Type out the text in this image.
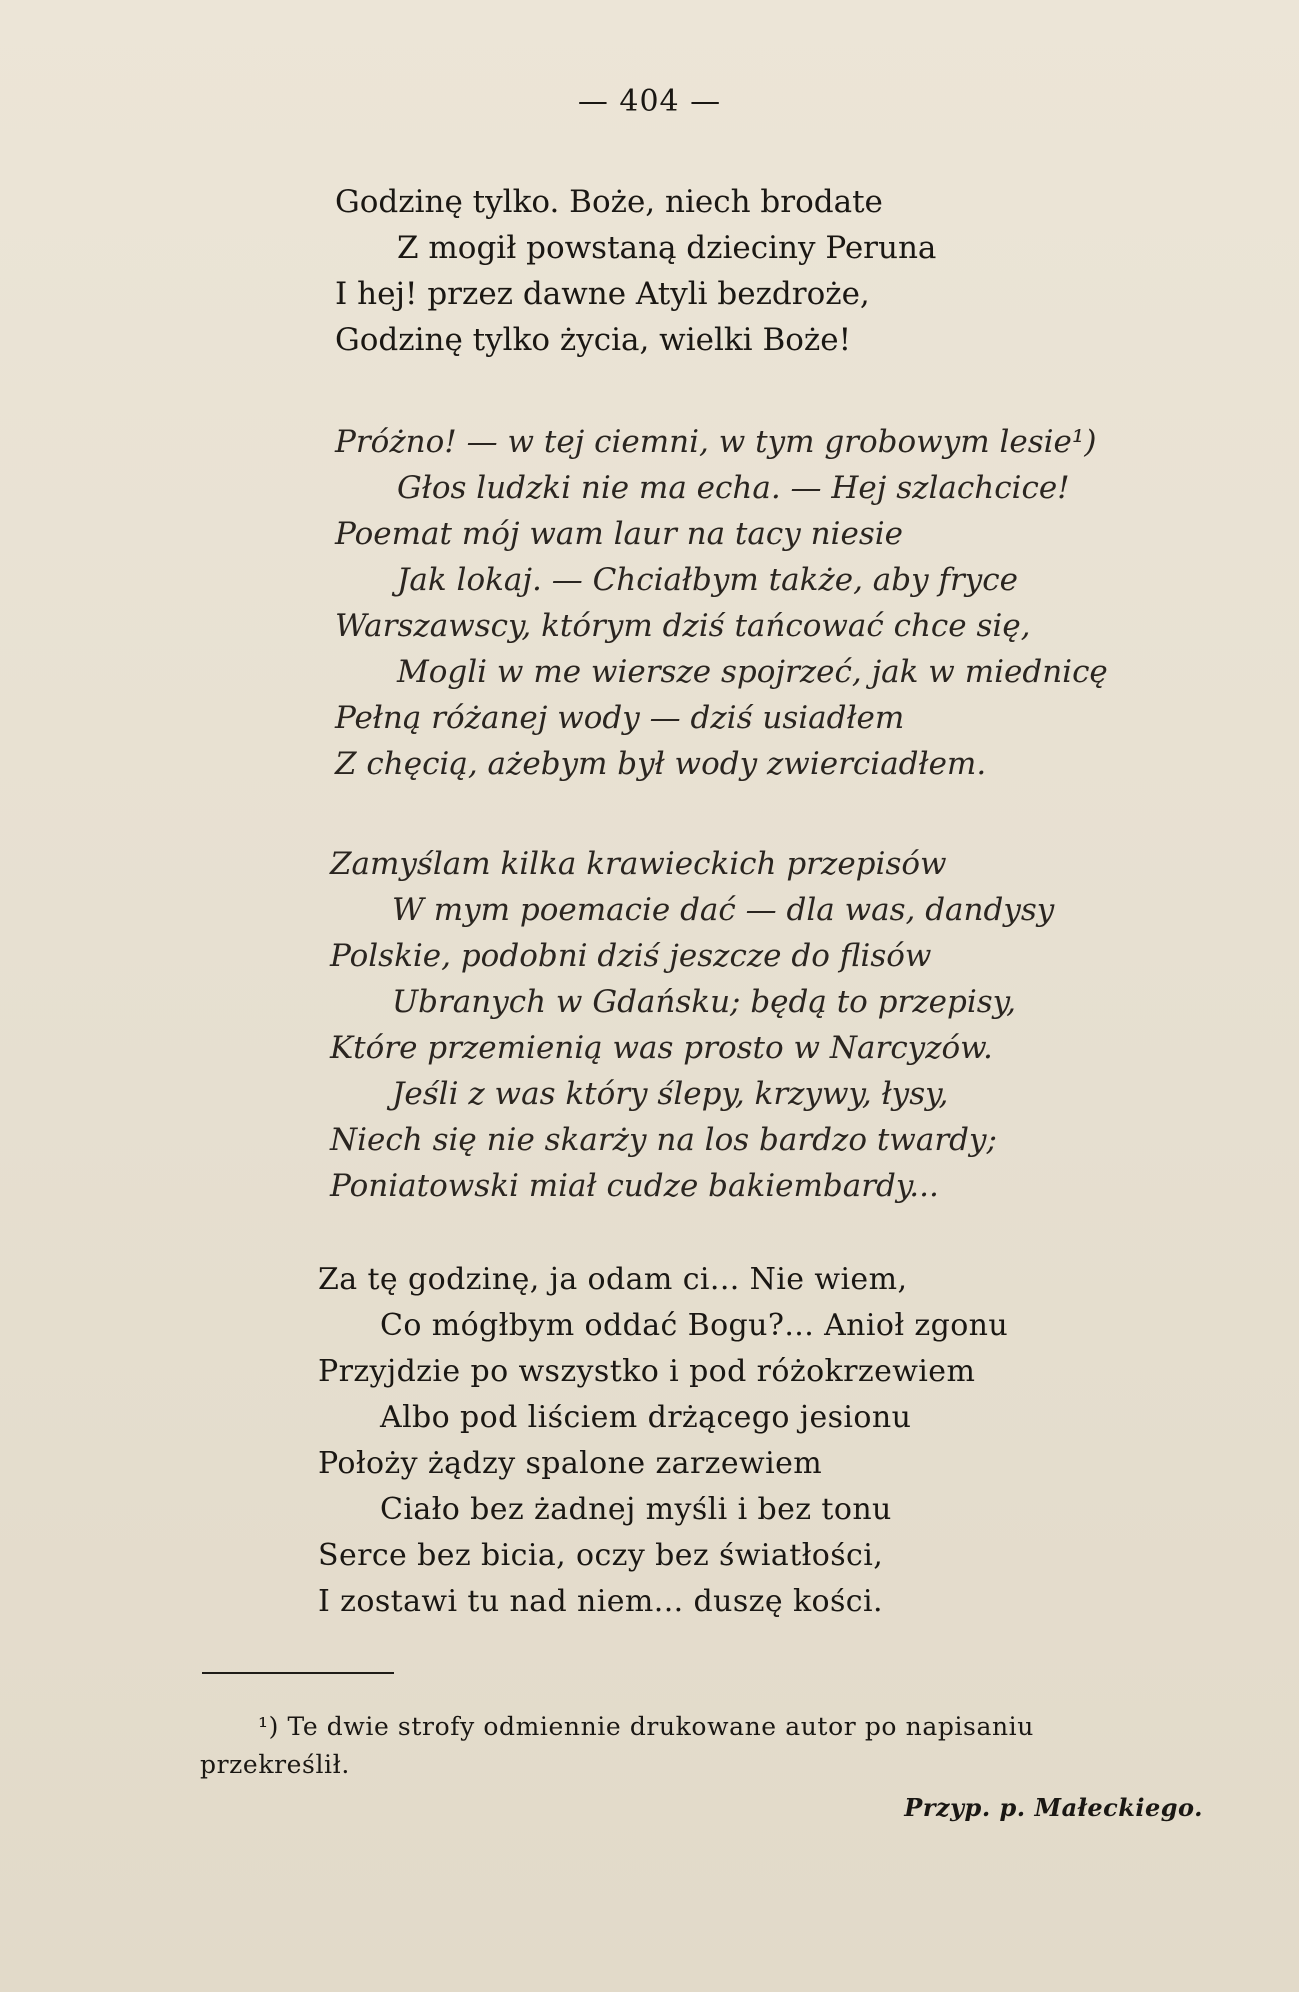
— 404 —
Godzinę tylko. Boże, niech brodate
Z mogił powstaną dzieciny Peruna
I hej! przez dawne Atyli bezdroże,
Godzinę tylko życia, wielki Boże!
Próżno! — w tej ciemni, w tym grobowym lesie¹)
Głos ludzki nie ma echa. — Hej szlachcice!
Poemat mój wam laur na tacy niesie
Jak lokaj. — Chciałbym także, aby fryce
Warszawscy, którym dziś tańcować chce się,
Mogli w me wiersze spojrzeć, jak w miednicę
Pełną różanej wody — dziś usiadłem
Z chęcią, ażebym był wody zwierciadłem.
Zamyślam kilka krawieckich przepisów
W mym poemacie dać — dla was, dandysy
Polskie, podobni dziś jeszcze do flisów
Ubranych w Gdańsku; będą to przepisy,
Które przemienią was prosto w Narcyzów.
Jeśli z was który ślepy, krzywy, łysy,
Niech się nie skarży na los bardzo twardy;
Poniatowski miał cudze bakiembardy...
Za tę godzinę, ja odam ci... Nie wiem,
Co mógłbym oddać Bogu?... Anioł zgonu
Przyjdzie po wszystko i pod różokrzewiem
Albo pod liściem drżącego jesionu
Położy żądzy spalone zarzewiem
Ciało bez żadnej myśli i bez tonu
Serce bez bicia, oczy bez światłości,
I zostawi tu nad niem... duszę kości.
¹) Te dwie strofy odmiennie drukowane autor po napisaniu
przekreślił.
Przyp. p. Małeckiego.
